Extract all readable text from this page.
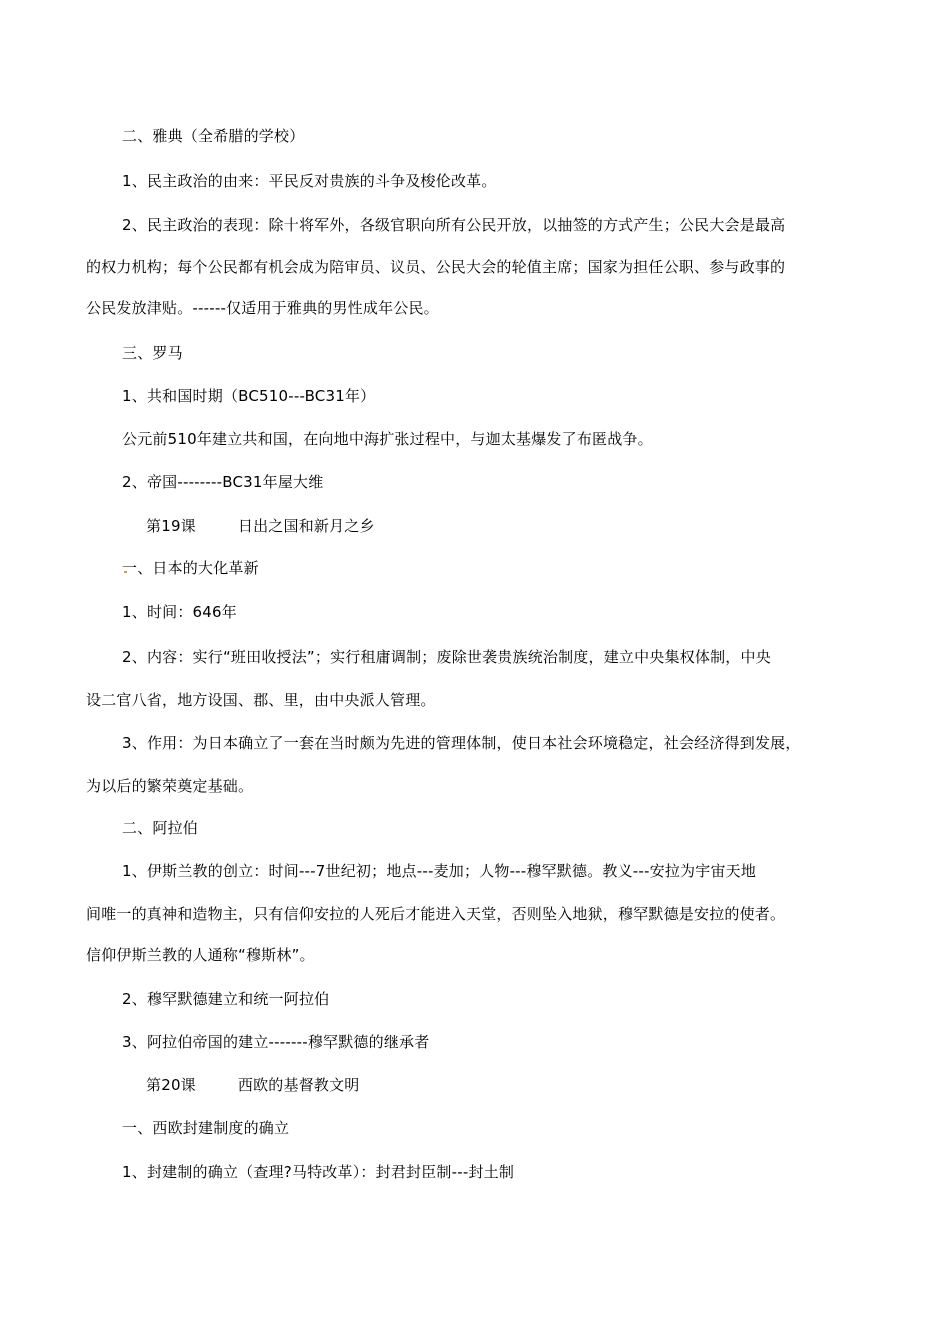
二、雅典（全希腊的学校）
1、民主政治的由来：平民反对贵族的斗争及梭伦改革。
2、民主政治的表现：除十将军外，各级官职向所有公民开放，以抽签的方式产生；公民大会是最高
的权力机构；每个公民都有机会成为陪审员、议员、公民大会的轮值主席；国家为担任公职、参与政事的
公民发放津贴。------仅适用于雅典的男性成年公民。
三、罗马
1、共和国时期（BC510---BC31年）
公元前510年建立共和国，在向地中海扩张过程中，与迦太基爆发了布匿战争。
2、帝国--------BC31年屋大维
第19课	日出之国和新月之乡
一、日本的大化革新
1、时间：646年
2、内容：实行“班田收授法”；实行租庸调制；废除世袭贵族统治制度，建立中央集权体制，中央
设二官八省，地方设国、郡、里，由中央派人管理。
3、作用：为日本确立了一套在当时颇为先进的管理体制，使日本社会环境稳定，社会经济得到发展，
为以后的繁荣奠定基础。
二、阿拉伯
1、伊斯兰教的创立：时间---7世纪初；地点---麦加；人物---穆罕默德。教义---安拉为宇宙天地
间唯一的真神和造物主，只有信仰安拉的人死后才能进入天堂，否则坠入地狱，穆罕默德是安拉的使者。
信仰伊斯兰教的人通称“穆斯林”。
2、穆罕默德建立和统一阿拉伯
3、阿拉伯帝国的建立-------穆罕默德的继承者
第20课	西欧的基督教文明
一、西欧封建制度的确立
1、封建制的确立（查理?马特改革）：封君封臣制---封土制
